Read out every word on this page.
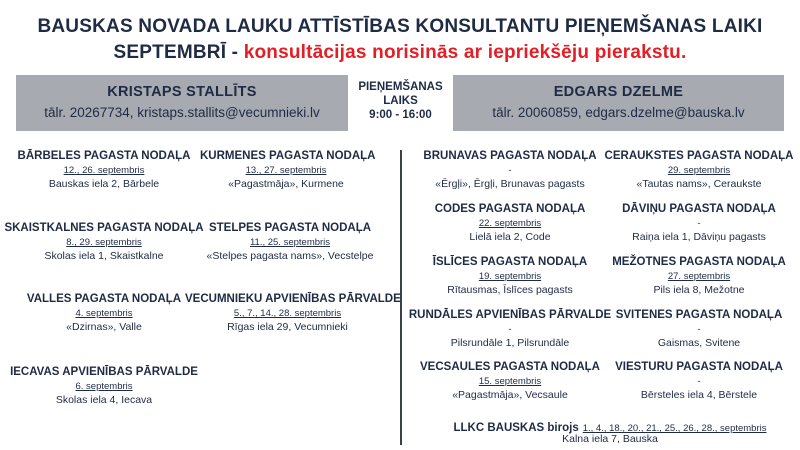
BAUSKAS NOVADA LAUKU ATTĪSTĪBAS KONSULTANTU PIEŅEMŠANAS LAIKI
SEPTEMBRĪ - konsultācijas norisinās ar iepriekšēju pierakstu.
KRISTAPS STALLĪTS
tālr. 20267734, kristaps.stallits@vecumnieki.lv
PIEŅEMŠANAS
LAIKS
9:00 - 16:00
EDGARS DZELME
tālr. 20060859, edgars.dzelme@bauska.lv
BĀRBELES PAGASTA NODAĻA
12., 26. septembris
Bauskas iela 2, Bārbele
KURMENES PAGASTA NODAĻA
13., 27. septembris
«Pagastmāja», Kurmene
SKAISTKALNES PAGASTA NODAĻA
8., 29. septembris
Skolas iela 1, Skaistkalne
STELPES PAGASTA NODAĻA
11., 25. septembris
«Stelpes pagasta nams», Vecstelpe
VALLES PAGASTA NODAĻA
4. septembris
«Dzirnas», Valle
VECUMNIEKU APVIENĪBAS PĀRVALDE
5., 7., 14., 28. septembris
Rīgas iela 29, Vecumnieki
IECAVAS APVIENĪBAS PĀRVALDE
6. septembris
Skolas iela 4, Iecava
BRUNAVAS PAGASTA NODAĻA
-
«Ērgļi», Ērgļi, Brunavas pagasts
CERAUKSTES PAGASTA NODAĻA
29. septembris
«Tautas nams», Ceraukste
CODES PAGASTA NODAĻA
22. septembris
Lielā iela 2, Code
DĀVIŅU PAGASTA NODAĻA
-
Raiņa iela 1, Dāviņu pagasts
ĪSLĪCES PAGASTA NODAĻA
19. septembris
Rītausmas, Īslīces pagasts
MEŽOTNES PAGASTA NODAĻA
27. septembris
Pils iela 8, Mežotne
RUNDĀLES APVIENĪBAS PĀRVALDE
-
Pilsrundāle 1, Pilsrundāle
SVITENES PAGASTA NODAĻA
-
Gaismas, Svitene
VECSAULES PAGASTA NODAĻA
15. septembris
«Pagastmāja», Vecsaule
VIESTURU PAGASTA NODAĻA
-
Bērsteles iela 4, Bērstele
LLKC BAUSKAS birojs 1., 4., 18., 20., 21., 25., 26., 28., septembris
Kalna iela 7, Bauska
